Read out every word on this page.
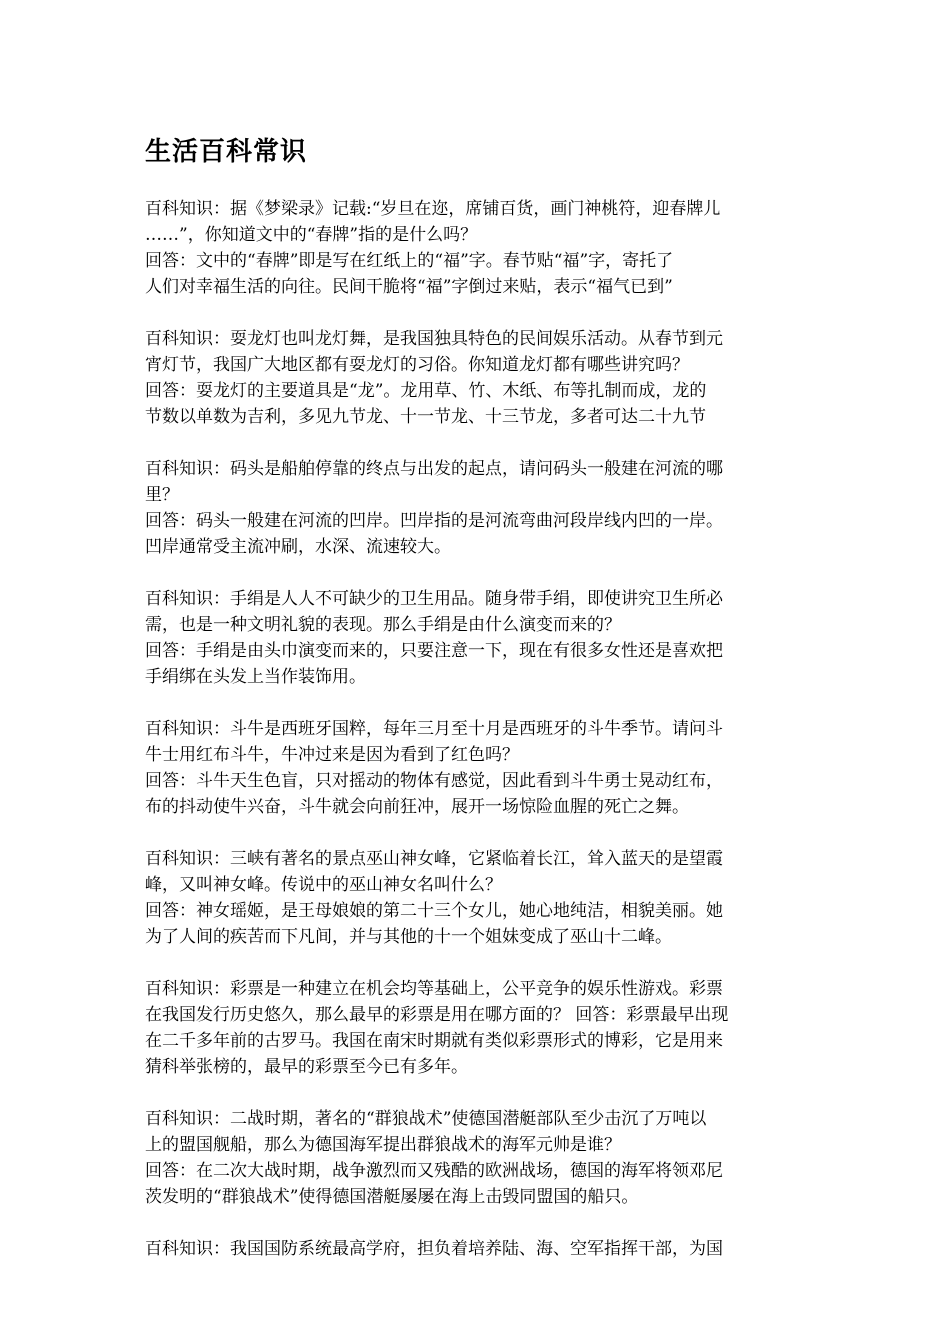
生活百科常识
百科知识：据《梦梁录》记载:“岁旦在迩，席铺百货，画门神桃符，迎春牌儿
……”，你知道文中的“春牌”指的是什么吗？
回答：文中的“春牌”即是写在红纸上的“福”字。春节贴“福”字，寄托了
人们对幸福生活的向往。民间干脆将“福”字倒过来贴，表示“福气已到”
百科知识：耍龙灯也叫龙灯舞，是我国独具特色的民间娱乐活动。从春节到元
宵灯节，我国广大地区都有耍龙灯的习俗。你知道龙灯都有哪些讲究吗？
回答：耍龙灯的主要道具是“龙”。龙用草、竹、木纸、布等扎制而成，龙的
节数以单数为吉利，多见九节龙、十一节龙、十三节龙，多者可达二十九节
百科知识：码头是船舶停靠的终点与出发的起点，请问码头一般建在河流的哪
里？
回答：码头一般建在河流的凹岸。凹岸指的是河流弯曲河段岸线内凹的一岸。
凹岸通常受主流冲刷，水深、流速较大。
百科知识：手绢是人人不可缺少的卫生用品。随身带手绢，即使讲究卫生所必
需，也是一种文明礼貌的表现。那么手绢是由什么演变而来的？
回答：手绢是由头巾演变而来的，只要注意一下，现在有很多女性还是喜欢把
手绢绑在头发上当作装饰用。
百科知识：斗牛是西班牙国粹，每年三月至十月是西班牙的斗牛季节。请问斗
牛士用红布斗牛，牛冲过来是因为看到了红色吗？
回答：斗牛天生色盲，只对摇动的物体有感觉，因此看到斗牛勇士晃动红布，
布的抖动使牛兴奋，斗牛就会向前狂冲，展开一场惊险血腥的死亡之舞。
百科知识：三峡有著名的景点巫山神女峰，它紧临着长江，耸入蓝天的是望霞
峰，又叫神女峰。传说中的巫山神女名叫什么？
回答：神女瑶姬，是王母娘娘的第二十三个女儿，她心地纯洁，相貌美丽。她
为了人间的疾苦而下凡间，并与其他的十一个姐妹变成了巫山十二峰。
百科知识：彩票是一种建立在机会均等基础上，公平竞争的娱乐性游戏。彩票
在我国发行历史悠久，那么最早的彩票是用在哪方面的？ 回答：彩票最早出现
在二千多年前的古罗马。我国在南宋时期就有类似彩票形式的博彩，它是用来
猜科举张榜的，最早的彩票至今已有多年。
百科知识：二战时期，著名的“群狼战术”使德国潜艇部队至少击沉了万吨以
上的盟国舰船，那么为德国海军提出群狼战术的海军元帅是谁？
回答：在二次大战时期，战争激烈而又残酷的欧洲战场，德国的海军将领邓尼
茨发明的“群狼战术”使得德国潜艇屡屡在海上击毁同盟国的船只。
百科知识：我国国防系统最高学府，担负着培养陆、海、空军指挥干部，为国
